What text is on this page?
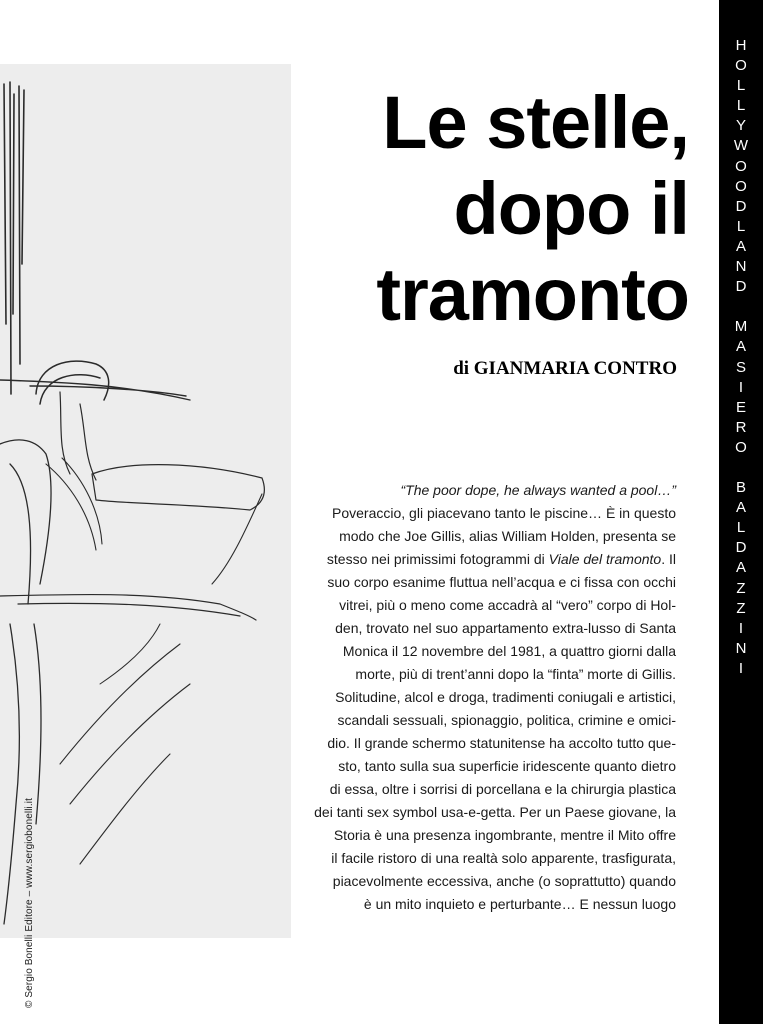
© Sergio Bonelli Editore – www.sergiobonelli.it
Le stelle,
dopo il
tramonto
di GIANMARIA CONTRO
“The poor dope, he always wanted a pool…”
Poveraccio, gli piacevano tanto le piscine… È in questo
modo che Joe Gillis, alias William Holden, presenta se
stesso nei primissimi fotogrammi di Viale del tramonto. Il
suo corpo esanime fluttua nell’acqua e ci fissa con occhi
vitrei, più o meno come accadrà al “vero” corpo di Hol-
den, trovato nel suo appartamento extra-lusso di Santa
Monica il 12 novembre del 1981, a quattro giorni dalla
morte, più di trent’anni dopo la “finta” morte di Gillis.
Solitudine, alcol e droga, tradimenti coniugali e artistici,
scandali sessuali, spionaggio, politica, crimine e omici-
dio. Il grande schermo statunitense ha accolto tutto que-
sto, tanto sulla sua superficie iridescente quanto dietro
di essa, oltre i sorrisi di porcellana e la chirurgia plastica
dei tanti sex symbol usa-e-getta. Per un Paese giovane, la
Storia è una presenza ingombrante, mentre il Mito offre
il facile ristoro di una realtà solo apparente, trasfigurata,
piacevolmente eccessiva, anche (o soprattutto) quando
è un mito inquieto e perturbante… E nessun luogo
H
O
L
L
Y
W
O
O
D
L
A
N
D

M
A
S
I
E
R
O

B
A
L
D
A
Z
Z
I
N
I
